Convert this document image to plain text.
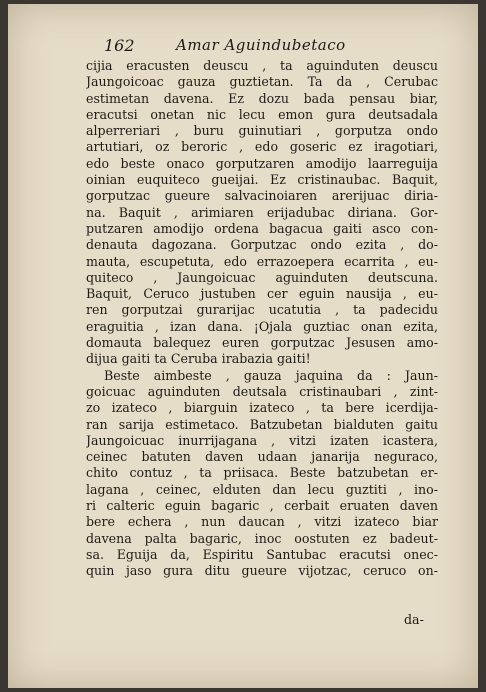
162	Amar Aguindubetaco
cijia eracusten deuscu , ta aguinduten deuscu
Jaungoicoac gauza guztietan. Ta da , Cerubac
estimetan davena. Ez dozu bada pensau biar,
eracutsi onetan nic lecu emon gura deutsadala
alperreriari , buru guinutiari , gorputza ondo
artutiari, oz beroric , edo goseric ez iragotiari,
edo beste onaco gorputzaren amodijo laarreguija
oinian euquiteco gueijai. Ez cristinaubac. Baquit,
gorputzac gueure salvacinoiaren arerijuac diria-
na. Baquit , arimiaren erijadubac diriana. Gor-
putzaren amodijo ordena bagacua gaiti asco con-
denauta dagozana. Gorputzac ondo ezita , do-
mauta, escupetuta, edo errazoepera ecarrita , eu-
quiteco , Jaungoicuac aguinduten deutscuna.
Baquit, Ceruco justuben cer eguin nausija , eu-
ren gorputzai gurarijac ucatutia , ta padecidu
eraguitia , izan dana. ¡Ojala guztiac onan ezita,
domauta balequez euren gorputzac Jesusen amo-
dijua gaiti ta Ceruba irabazia gaiti!
Beste aimbeste , gauza jaquina da : Jaun-
goicuac aguinduten deutsala cristinaubari , zint-
zo izateco , biarguin izateco , ta bere icerdija-
ran sarija estimetaco. Batzubetan bialduten gaitu
Jaungoicuac inurrijagana , vitzi izaten icastera,
ceinec batuten daven udaan janarija neguraco,
chito contuz , ta priisaca. Beste batzubetan er-
lagana , ceinec, elduten dan lecu guztiti , ino-
ri calteric eguin bagaric , cerbait eruaten daven
bere echera , nun daucan , vitzi izateco biar
davena palta bagaric, inoc oostuten ez badeut-
sa. Eguija da, Espiritu Santubac eracutsi onec-
quin jaso gura ditu gueure vijotzac, ceruco on-
da-
